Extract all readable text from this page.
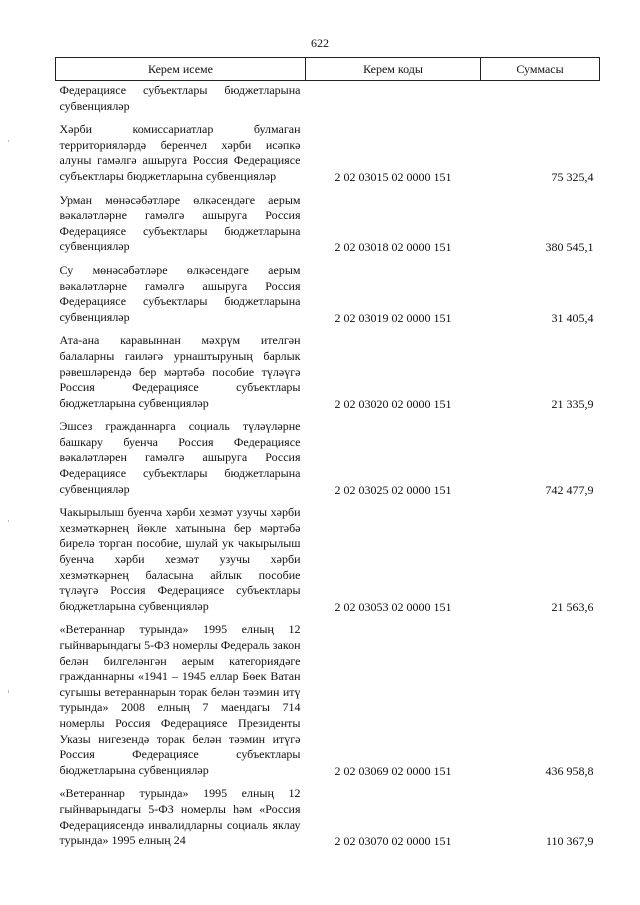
622
Керем исеме	Керем коды	Суммасы

Федерациясе субъектлары бюджетларына субвенцияләр		

Хәрби комиссариатлар булмаган территорияләрдә беренчел хәрби исәпкә алуны гамәлгә ашыруга Россия Федерациясе субъектлары бюджетларына субвенцияләр	2 02 03015 02 0000 151	75 325,4

Урман мөнәсәбәтләре өлкәсендәге аерым вәкаләтләрне гамәлгә ашыруга Россия Федерациясе субъектлары бюджетларына субвенцияләр	2 02 03018 02 0000 151	380 545,1

Су мөнәсәбәтләре өлкәсендәге аерым вәкаләтләрне гамәлгә ашыруга Россия Федерациясе субъектлары бюджетларына субвенцияләр	2 02 03019 02 0000 151	31 405,4

Ата-ана каравыннан мәхрүм ителгән балаларны гаиләгә урнаштыруның барлык рәвешләрендә бер мәртәбә пособие түләүгә Россия Федерациясе субъектлары бюджетларына субвенцияләр	2 02 03020 02 0000 151	21 335,9

Эшсез гражданнарга социаль түләүләрне башкару буенча Россия Федерациясе вәкаләтләрен гамәлгә ашыруга Россия Федерациясе субъектлары бюджетларына субвенцияләр	2 02 03025 02 0000 151	742 477,9

Чакырылыш буенча хәрби хезмәт узучы хәрби хезмәткәрнең йөкле хатынына бер мәртәбә бирелә торган пособие, шулай ук чакырылыш буенча хәрби хезмәт узучы хәрби хезмәткәрнең баласына айлык пособие түләүгә Россия Федерациясе субъектлары бюджетларына субвенцияләр	2 02 03053 02 0000 151	21 563,6

«Ветераннар турында» 1995 елның 12 гыйнварындагы 5-ФЗ номерлы Федераль закон белән билгеләнгән аерым категориядәге гражданнарны «1941 – 1945 еллар Бөек Ватан сугышы ветераннарын торак белән тәэмин итү турында» 2008 елның 7 маендагы 714 номерлы Россия Федерациясе Президенты Указы нигезендә торак белән тәэмин итүгә Россия Федерациясе субъектлары бюджетларына субвенцияләр	2 02 03069 02 0000 151	436 958,8

«Ветераннар турында» 1995 елның 12 гыйнварындагы 5-ФЗ номерлы һәм «Россия Федерациясендә инвалидларны социаль яклау турында» 1995 елның 24	2 02 03070 02 0000 151	110 367,9
